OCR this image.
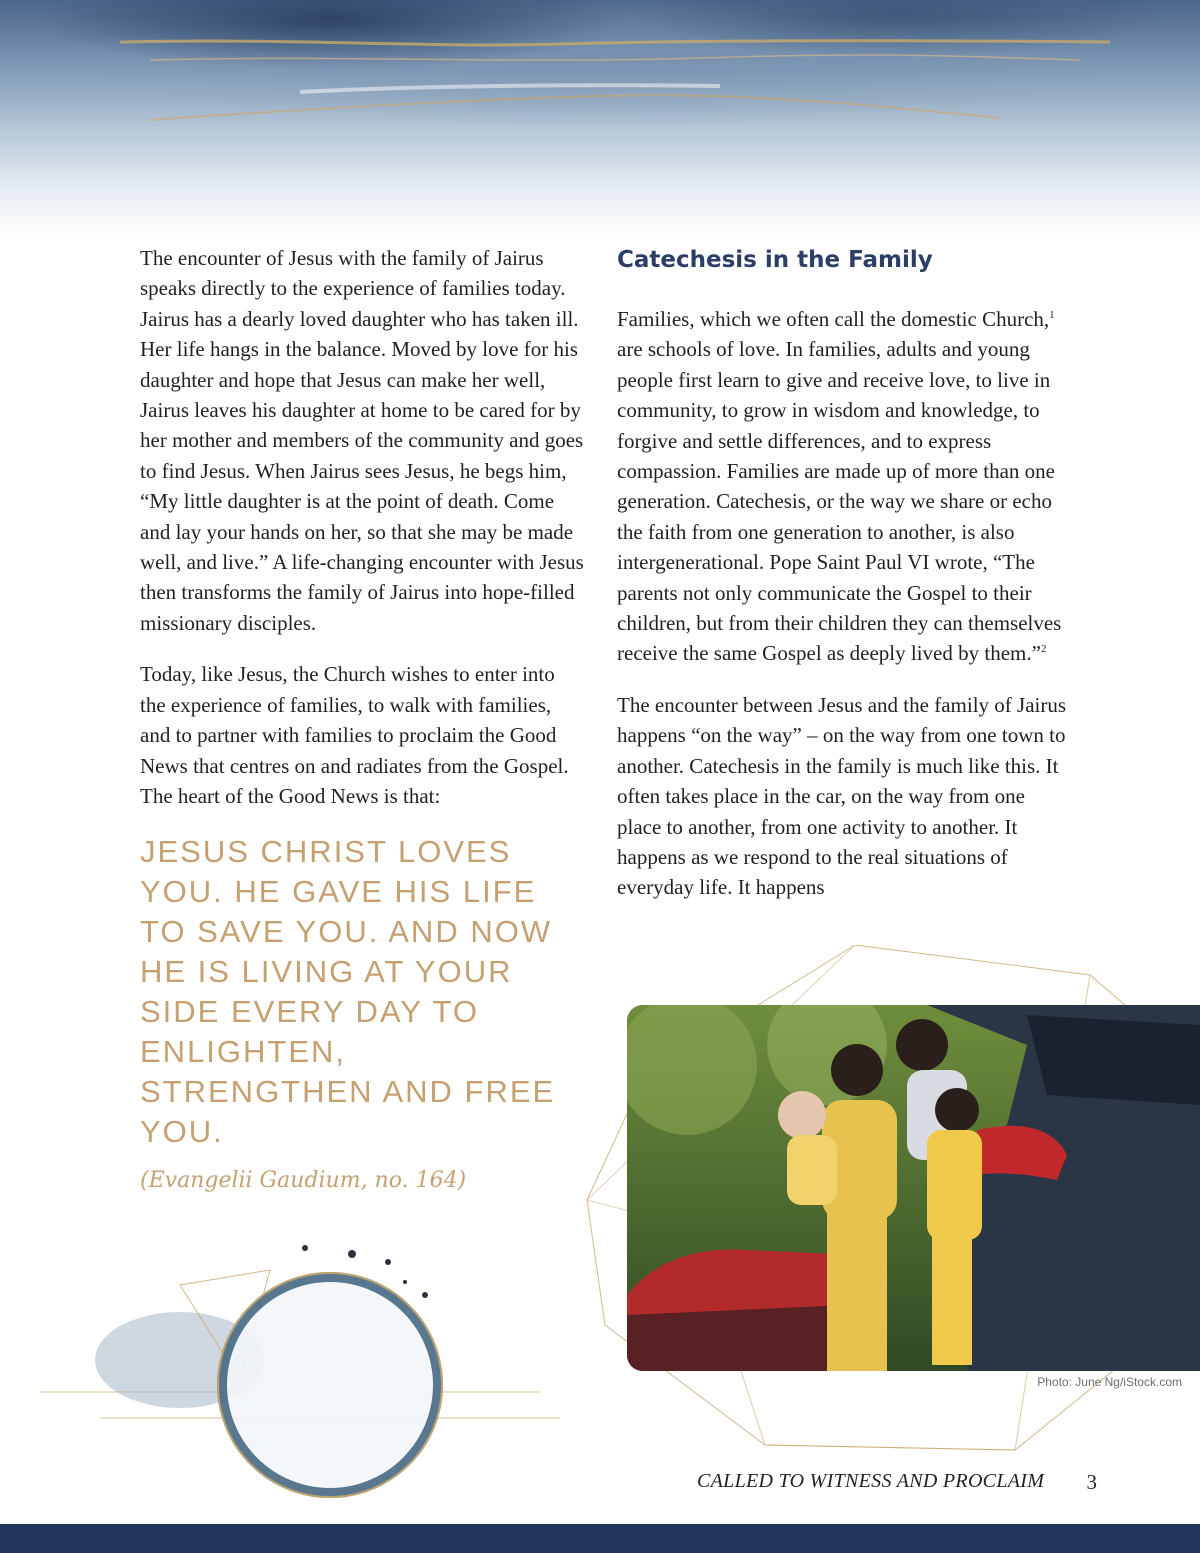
The encounter of Jesus with the family of Jairus speaks directly to the experience of families today. Jairus has a dearly loved daughter who has taken ill. Her life hangs in the balance. Moved by love for his daughter and hope that Jesus can make her well, Jairus leaves his daughter at home to be cared for by her mother and members of the community and goes to find Jesus. When Jairus sees Jesus, he begs him, “My little daughter is at the point of death. Come and lay your hands on her, so that she may be made well, and live.” A life-changing encounter with Jesus then transforms the family of Jairus into hope-filled missionary disciples.

Today, like Jesus, the Church wishes to enter into the experience of families, to walk with families, and to partner with families to proclaim the Good News that centres on and radiates from the Gospel. The heart of the Good News is that:

JESUS CHRIST LOVES YOU. HE GAVE HIS LIFE TO SAVE YOU. AND NOW HE IS LIVING AT YOUR SIDE EVERY DAY TO ENLIGHTEN, STRENGTHEN AND FREE YOU.
(Evangelii Gaudium, no. 164)
Catechesis in the Family

Families, which we often call the domestic Church,$^1$ are schools of love. In families, adults and young people first learn to give and receive love, to live in community, to grow in wisdom and knowledge, to forgive and settle differences, and to express compassion. Families are made up of more than one generation. Catechesis, or the way we share or echo the faith from one generation to another, is also intergenerational. Pope Saint Paul VI wrote, “The parents not only communicate the Gospel to their children, but from their children they can themselves receive the same Gospel as deeply lived by them.”$^2$

The encounter between Jesus and the family of Jairus happens “on the way” – on the way from one town to another. Catechesis in the family is much like this. It often takes place in the car, on the way from one place to another, from one activity to another. It happens as we respond to the real situations of everyday life. It happens

Photo: June Ng/iStock.com
CALLED TO WITNESS AND PROCLAIM 3
